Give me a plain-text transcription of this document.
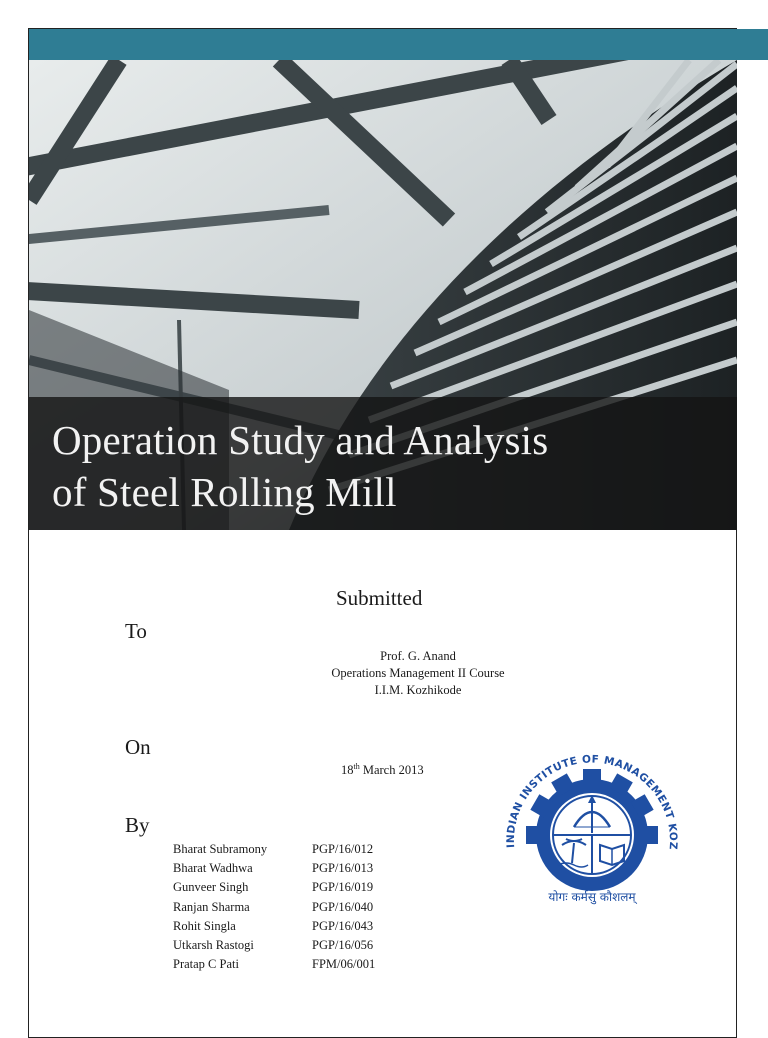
Operation Study and Analysis
of Steel Rolling Mill
Submitted
To
Prof. G. Anand
Operations Management II Course
I.I.M. Kozhikode
On
18th March 2013
By
Bharat Subramony	PGP/16/012
Bharat Wadhwa	PGP/16/013
Gunveer Singh	PGP/16/019
Ranjan Sharma	PGP/16/040
Rohit Singla	PGP/16/043
Utkarsh Rastogi	PGP/16/056
Pratap C Pati	FPM/06/001
INDIAN INSTITUTE OF MANAGEMENT KOZ
योगः कर्मसु कौशलम्
